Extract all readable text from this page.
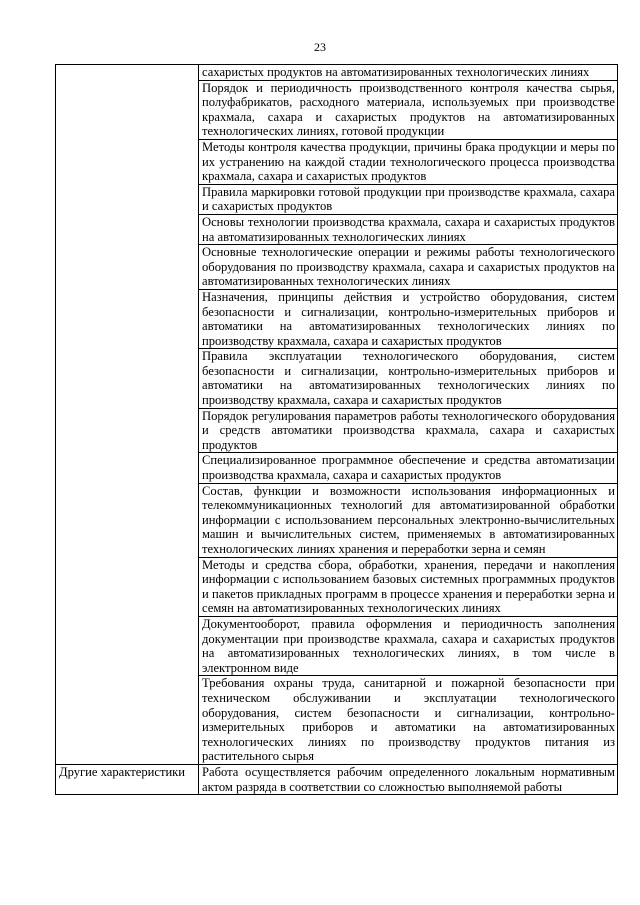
23

	сахаристых продуктов на автоматизированных технологических линиях

	Порядок и периодичность производственного контроля качества сырья, полуфабрикатов, расходного материала, используемых при производстве крахмала, сахара и сахаристых продуктов на автоматизированных технологических линиях, готовой продукции

	Методы контроля качества продукции, причины брака продукции и меры по их устранению на каждой стадии технологического процесса производства крахмала, сахара и сахаристых продуктов

	Правила маркировки готовой продукции при производстве крахмала, сахара и сахаристых продуктов

	Основы технологии производства крахмала, сахара и сахаристых продуктов на автоматизированных технологических линиях

	Основные технологические операции и режимы работы технологического оборудования по производству крахмала, сахара и сахаристых продуктов на автоматизированных технологических линиях

	Назначения, принципы действия и устройство оборудования, систем безопасности и сигнализации, контрольно-измерительных приборов и автоматики на автоматизированных технологических линиях по производству крахмала, сахара и сахаристых продуктов

	Правила эксплуатации технологического оборудования, систем безопасности и сигнализации, контрольно-измерительных приборов и автоматики на автоматизированных технологических линиях по производству крахмала, сахара и сахаристых продуктов

	Порядок регулирования параметров работы технологического оборудования и средств автоматики производства крахмала, сахара и сахаристых продуктов

	Специализированное программное обеспечение и средства автоматизации производства крахмала, сахара и сахаристых продуктов

	Состав, функции и возможности использования информационных и телекоммуникационных технологий для автоматизированной обработки информации с использованием персональных электронно-вычислительных машин и вычислительных систем, применяемых в автоматизированных технологических линиях хранения и переработки зерна и семян

	Методы и средства сбора, обработки, хранения, передачи и накопления информации с использованием базовых системных программных продуктов и пакетов прикладных программ в процессе хранения и переработки зерна и семян на автоматизированных технологических линиях

	Документооборот, правила оформления и периодичность заполнения документации при производстве крахмала, сахара и сахаристых продуктов на автоматизированных технологических линиях, в том числе в электронном виде

	Требования охраны труда, санитарной и пожарной безопасности при техническом обслуживании и эксплуатации технологического оборудования, систем безопасности и сигнализации, контрольно-измерительных приборов и автоматики на автоматизированных технологических линиях по производству продуктов питания из растительного сырья

Другие характеристики	Работа осуществляется рабочим определенного локальным нормативным актом разряда в соответствии со сложностью выполняемой работы
